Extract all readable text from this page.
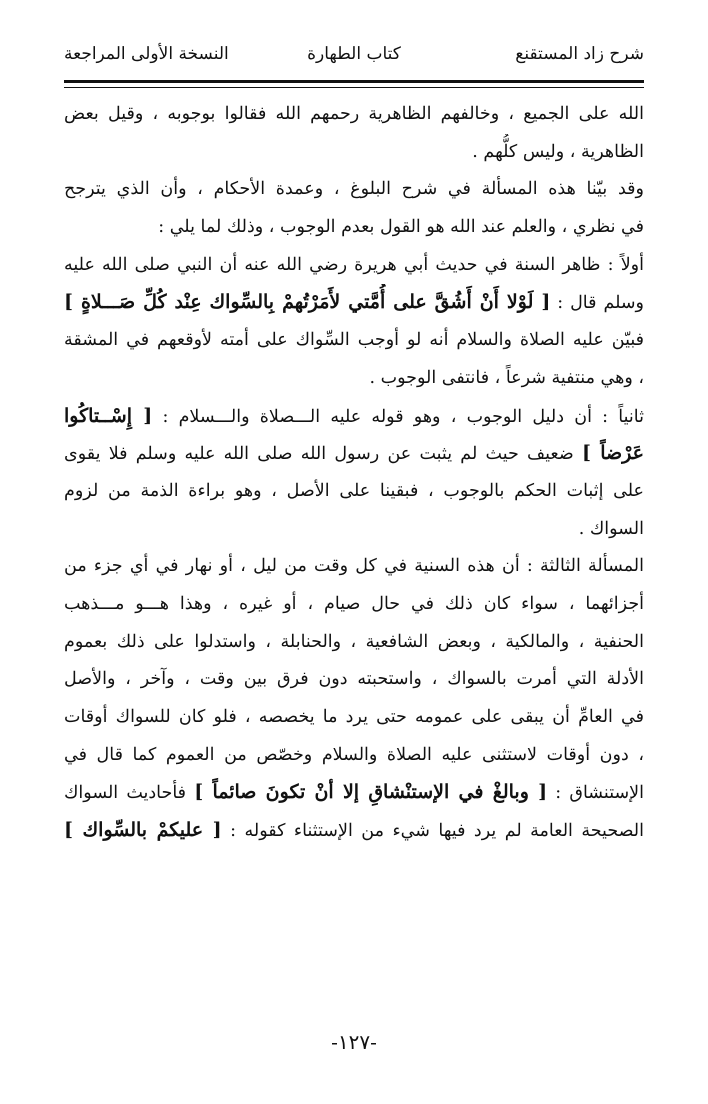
شرح زاد المستقنع
كتاب الطهارة
النسخة الأولى المراجعة
الله على الجميع ، وخالفهم الظاهرية رحمهم الله فقالوا بوجوبه ، وقيل بعض
الظاهرية ، وليس كلُّهم .
وقد بيّنا هذه المسألة في شرح البلوغ ، وعمدة الأحكام ، وأن الذي يترجح
في نظري ، والعلم عند الله هو القول بعدم الوجوب ، وذلك لما يلي :
أولاً : ظاهر السنة في حديث أبي هريرة رضي الله عنه أن النبي صلى الله عليه
وسلم قال : [ لَوْلا أَنْ أَشُقَّ على أُمَّتي لأَمَرْتُهمْ بِالسِّواك عِنْد كُلِّ صَـــلاةٍ ]
فبيّن عليه الصلاة والسلام أنه لو أوجب السِّواك على أمته لأوقعهم في المشقة
، وهي منتفية شرعاً ، فانتفى الوجوب .
ثانياً : أن دليل الوجوب ، وهو قوله عليه الـــصلاة والـــسلام : [ إِسْــتاكُوا
عَرْضاً ] ضعيف حيث لم يثبت عن رسول الله صلى الله عليه وسلم فلا يقوى
على إثبات الحكم بالوجوب ، فبقينا على الأصل ، وهو براءة الذمة من لزوم
السواك .
المسألة الثالثة : أن هذه السنية في كل وقت من ليل ، أو نهار في أي جزء من
أجزائهما ، سواء كان ذلك في حال صيام ، أو غيره ، وهذا هـــو مـــذهب
الحنفية ، والمالكية ، وبعض الشافعية ، والحنابلة ، واستدلوا على ذلك بعموم
الأدلة التي أمرت بالسواك ، واستحبته دون فرق بين وقت ، وآخر ، والأصل
في العامِّ أن يبقى على عمومه حتى يرد ما يخصصه ، فلو كان للسواك أوقات
، دون أوقات لاستثنى عليه الصلاة والسلام وخصّص من العموم كما قال في
الإستنشاق : [ وبالغْ في الإستنْشاقِ إلا أنْ تكونَ صائماً ] فأحاديث السواك
الصحيحة العامة لم يرد فيها شيء من الإستثناء كقوله : [ عليكمْ بالسِّواك ]
-١٢٧-
